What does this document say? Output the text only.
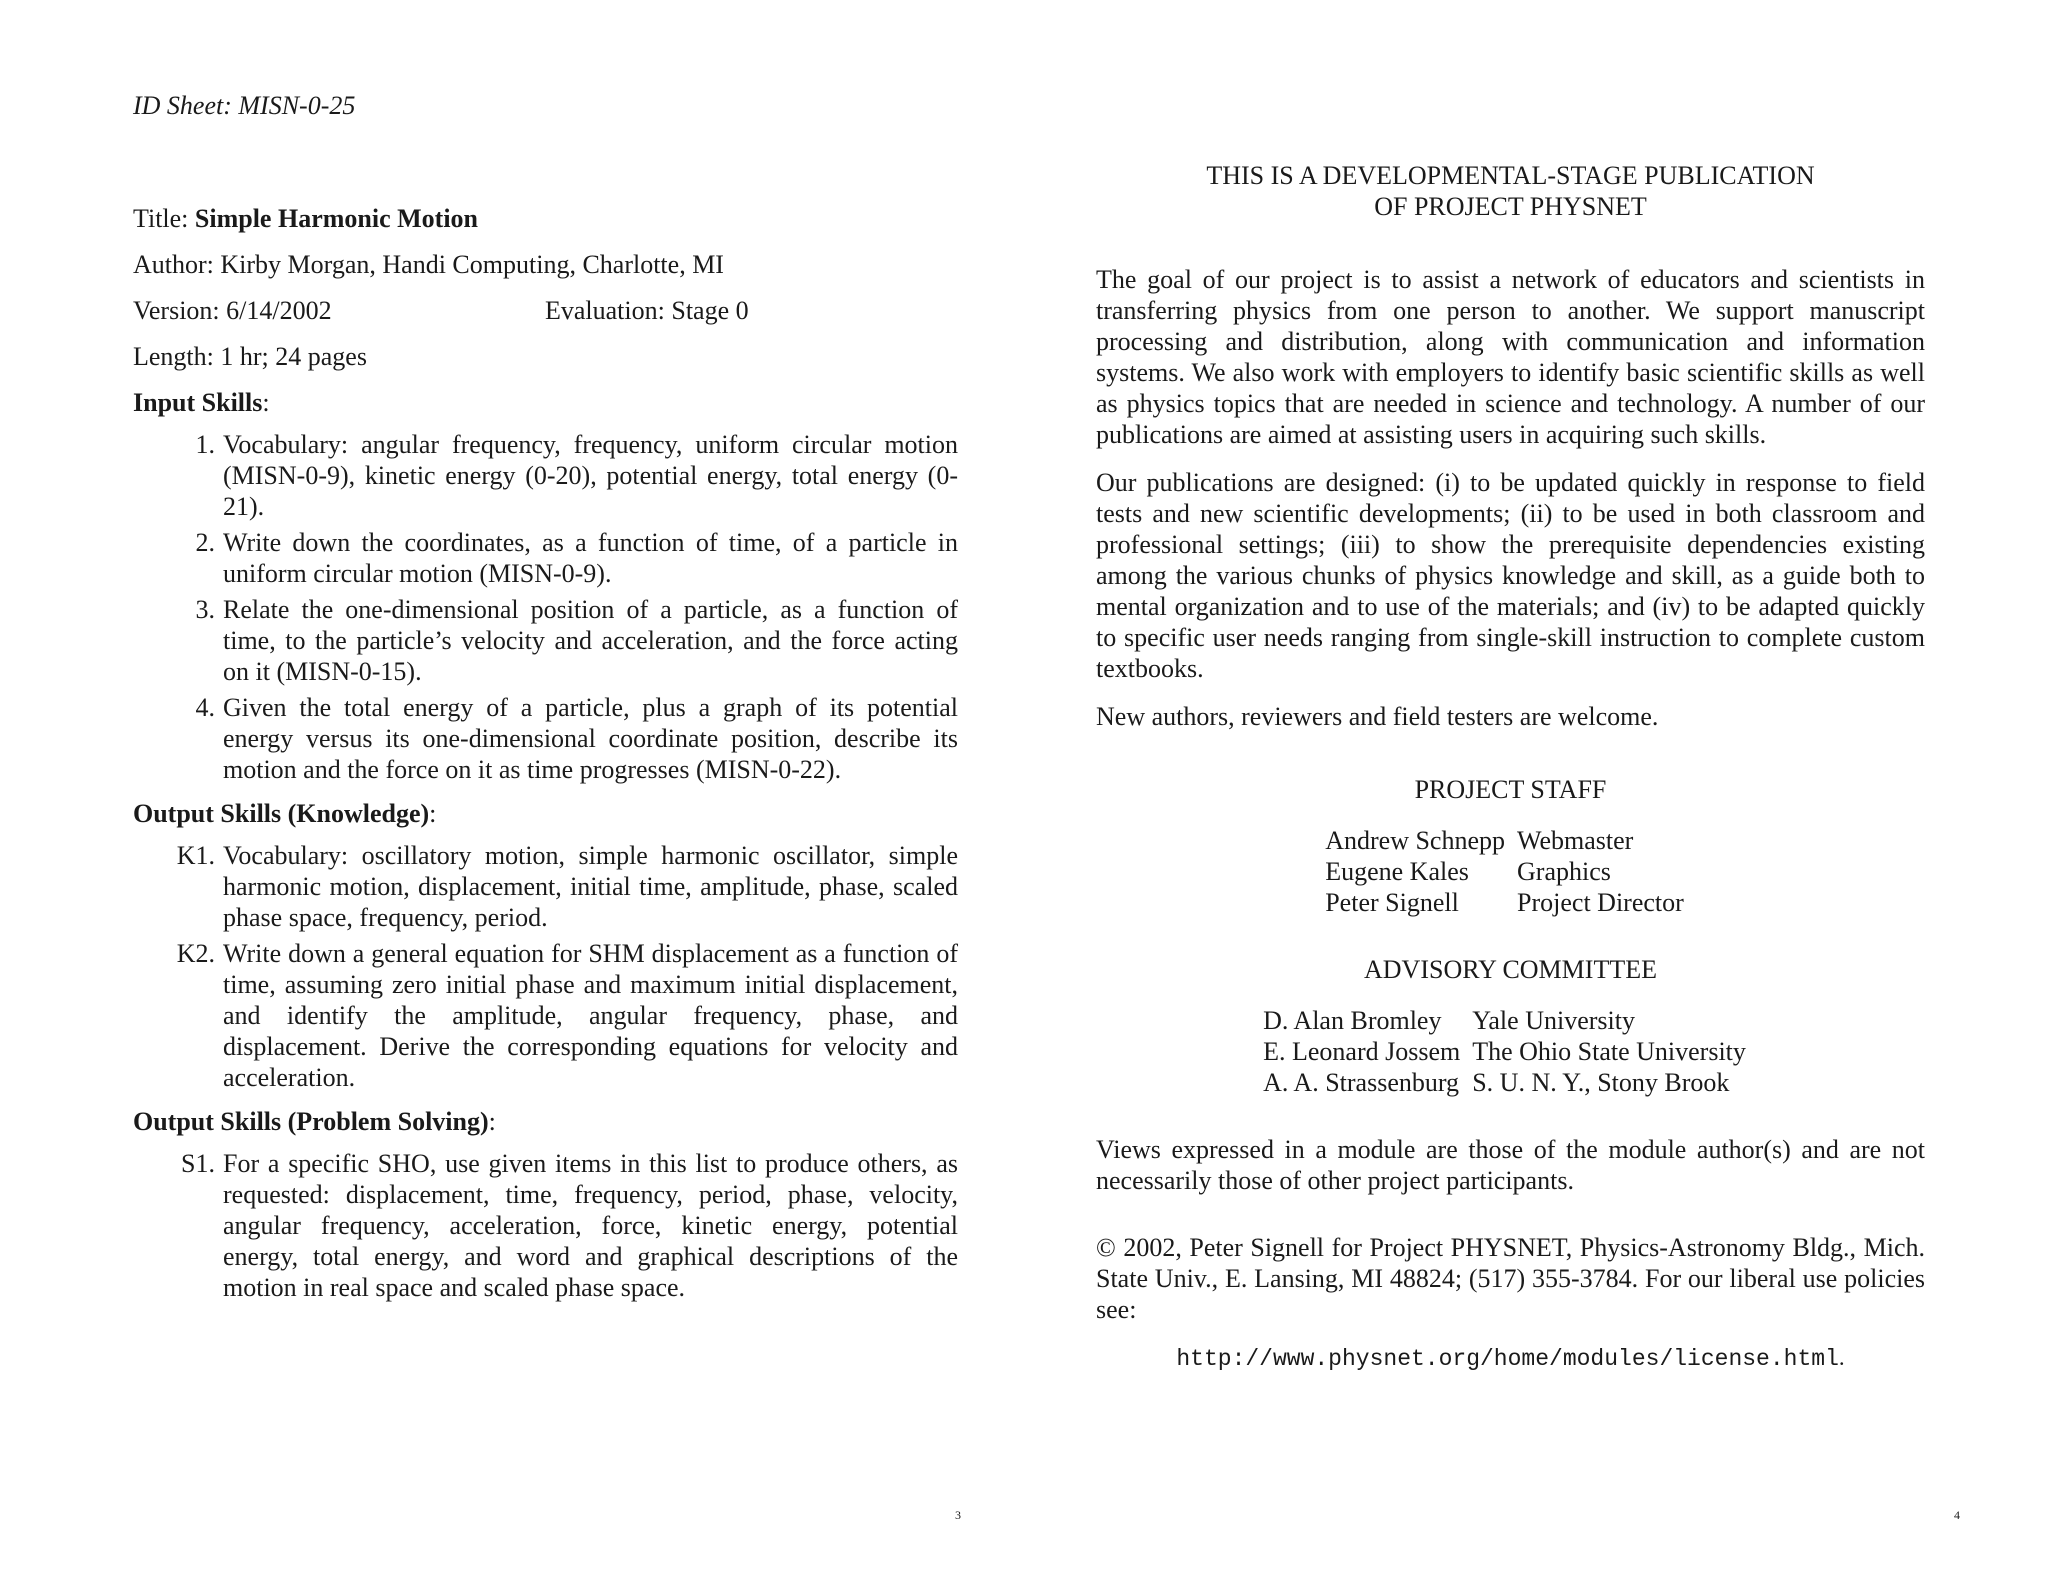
ID Sheet: MISN-0-25
Title: Simple Harmonic Motion
Author: Kirby Morgan, Handi Computing, Charlotte, MI
Version: 6/14/2002	Evaluation: Stage 0
Length: 1 hr; 24 pages
Input Skills:
1. Vocabulary: angular frequency, frequency, uniform circular motion (MISN-0-9), kinetic energy (0-20), potential energy, total energy (0-21).
2. Write down the coordinates, as a function of time, of a particle in uniform circular motion (MISN-0-9).
3. Relate the one-dimensional position of a particle, as a function of time, to the particle’s velocity and acceleration, and the force acting on it (MISN-0-15).
4. Given the total energy of a particle, plus a graph of its potential energy versus its one-dimensional coordinate position, describe its motion and the force on it as time progresses (MISN-0-22).
Output Skills (Knowledge):
K1. Vocabulary: oscillatory motion, simple harmonic oscillator, simple harmonic motion, displacement, initial time, amplitude, phase, scaled phase space, frequency, period.
K2. Write down a general equation for SHM displacement as a function of time, assuming zero initial phase and maximum initial displacement, and identify the amplitude, angular frequency, phase, and displacement. Derive the corresponding equations for velocity and acceleration.
Output Skills (Problem Solving):
S1. For a specific SHO, use given items in this list to produce others, as requested: displacement, time, frequency, period, phase, velocity, angular frequency, acceleration, force, kinetic energy, potential energy, total energy, and word and graphical descriptions of the motion in real space and scaled phase space.
3
THIS IS A DEVELOPMENTAL-STAGE PUBLICATION
OF PROJECT PHYSNET
The goal of our project is to assist a network of educators and scientists in transferring physics from one person to another. We support manuscript processing and distribution, along with communication and information systems. We also work with employers to identify basic scientific skills as well as physics topics that are needed in science and technology. A number of our publications are aimed at assisting users in acquiring such skills.
Our publications are designed: (i) to be updated quickly in response to field tests and new scientific developments; (ii) to be used in both classroom and professional settings; (iii) to show the prerequisite dependencies existing among the various chunks of physics knowledge and skill, as a guide both to mental organization and to use of the materials; and (iv) to be adapted quickly to specific user needs ranging from single-skill instruction to complete custom textbooks.
New authors, reviewers and field testers are welcome.
PROJECT STAFF
Andrew Schnepp	Webmaster
Eugene Kales	Graphics
Peter Signell	Project Director
ADVISORY COMMITTEE
D. Alan Bromley	Yale University
E. Leonard Jossem	The Ohio State University
A. A. Strassenburg	S. U. N. Y., Stony Brook
Views expressed in a module are those of the module author(s) and are not necessarily those of other project participants.
© 2002, Peter Signell for Project PHYSNET, Physics-Astronomy Bldg., Mich. State Univ., E. Lansing, MI 48824; (517) 355-3784. For our liberal use policies see:
http://www.physnet.org/home/modules/license.html.
4
